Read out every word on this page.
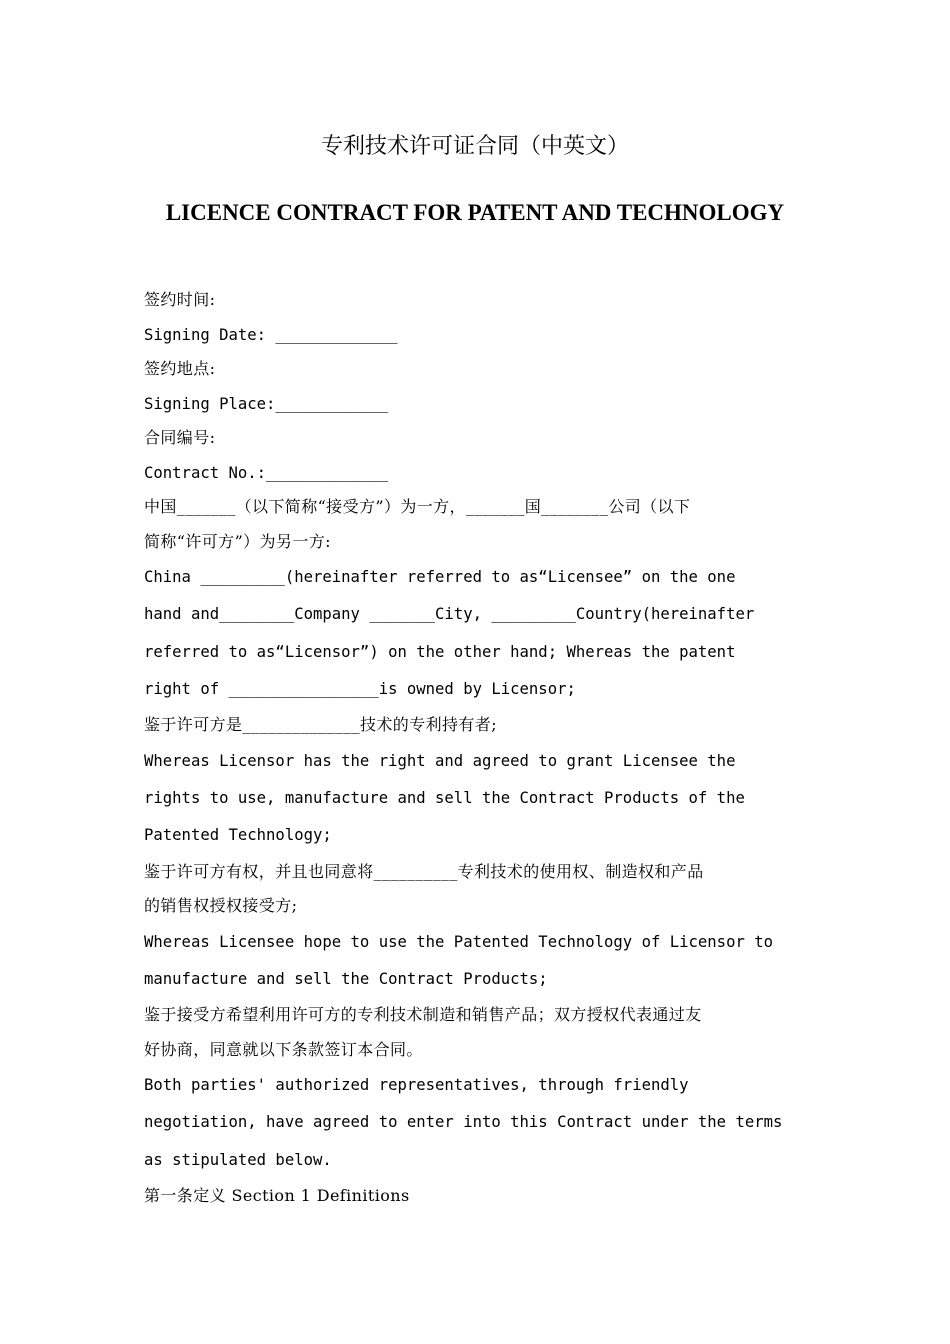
专利技术许可证合同（中英文）
LICENCE CONTRACT FOR PATENT AND TECHNOLOGY
签约时间:
Signing Date: _____________
签约地点:
Signing Place:____________
合同编号:
Contract No.:_____________
中国_______（以下简称“接受方”）为一方，_______国________公司（以下
简称“许可方”）为另一方:
China _________(hereinafter referred to as“Licensee” on the one
hand and________Company _______City, _________Country(hereinafter
referred to as“Licensor”) on the other hand; Whereas the patent
right of ________________is owned by Licensor;
鉴于许可方是______________技术的专利持有者;
Whereas Licensor has the right and agreed to grant Licensee the
rights to use, manufacture and sell the Contract Products of the
Patented Technology;
鉴于许可方有权，并且也同意将__________专利技术的使用权、制造权和产品
的销售权授权接受方;
Whereas Licensee hope to use the Patented Technology of Licensor to
manufacture and sell the Contract Products;
鉴于接受方希望利用许可方的专利技术制造和销售产品；双方授权代表通过友
好协商，同意就以下条款签订本合同。
Both parties' authorized representatives, through friendly
negotiation, have agreed to enter into this Contract under the terms
as stipulated below.
第一条定义 Section 1 Definitions
